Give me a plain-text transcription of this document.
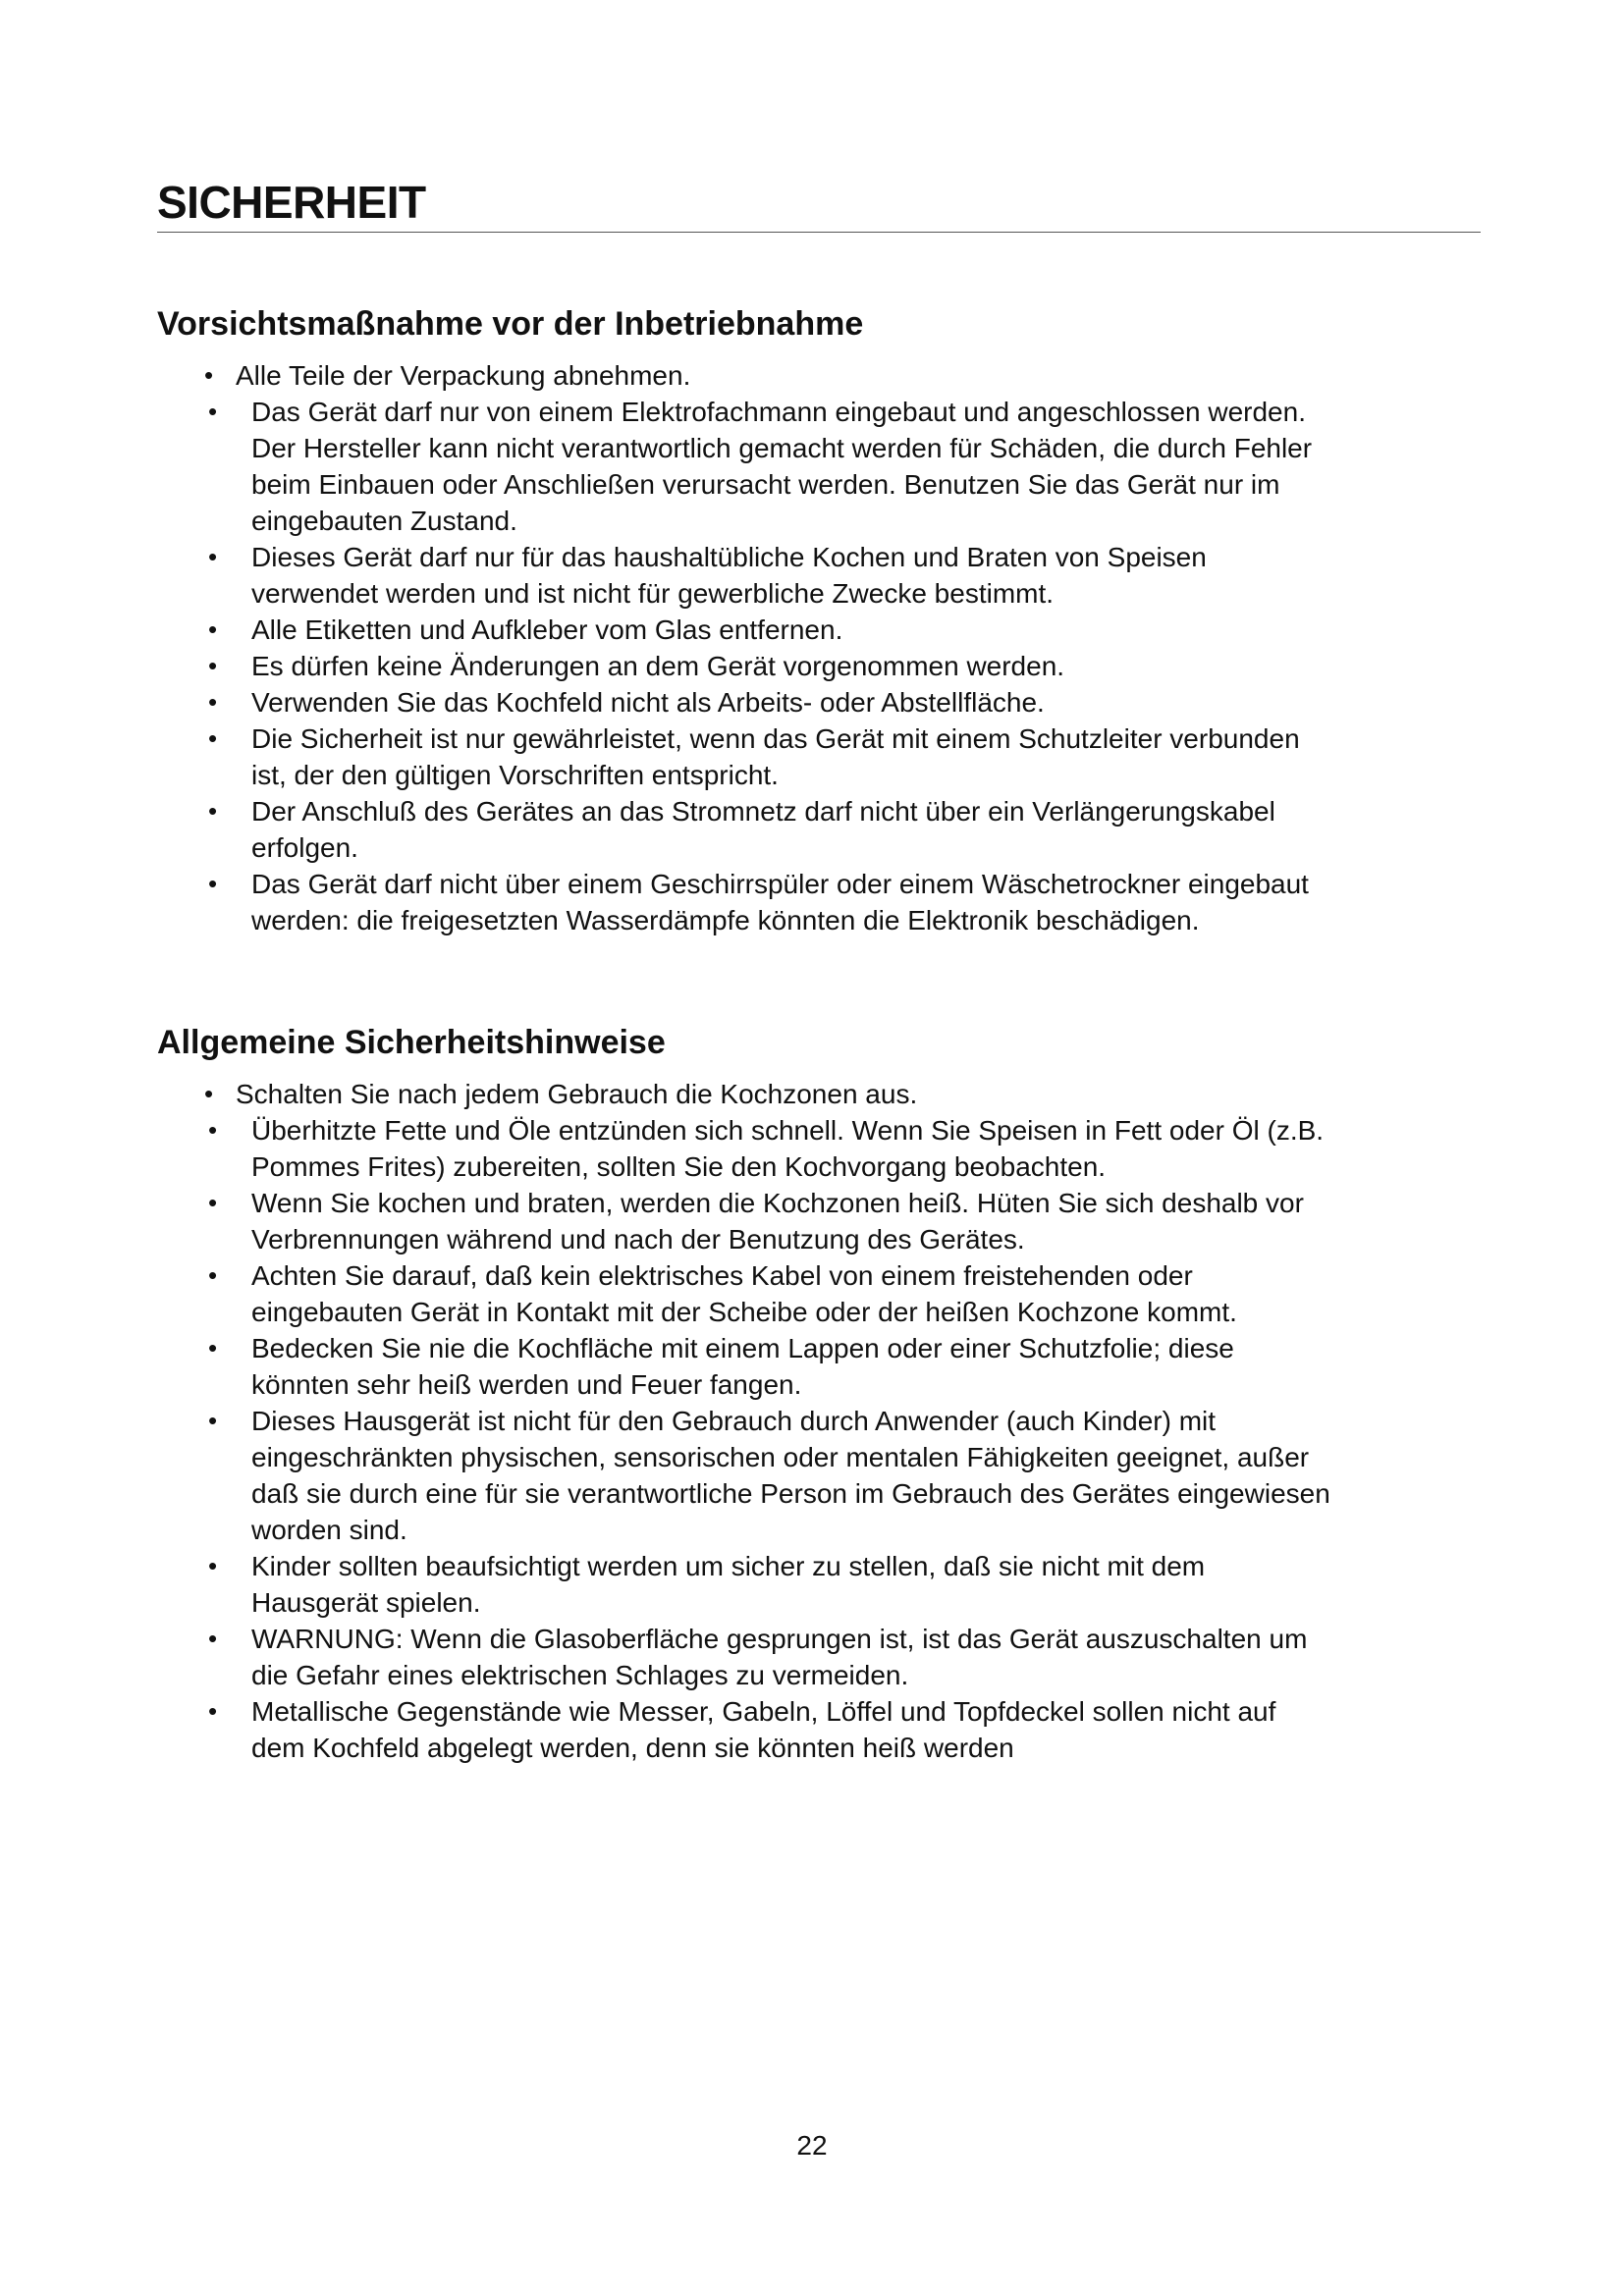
SICHERHEIT
Vorsichtsmaßnahme vor der Inbetriebnahme
• Alle Teile der Verpackung abnehmen.
• Das Gerät darf nur von einem Elektrofachmann eingebaut und angeschlossen werden.
Der Hersteller kann nicht verantwortlich gemacht werden für Schäden, die durch Fehler
beim Einbauen oder Anschließen verursacht werden. Benutzen Sie das Gerät nur im
eingebauten Zustand.
• Dieses Gerät darf nur für das haushaltübliche Kochen und Braten von Speisen
verwendet werden und ist nicht für gewerbliche Zwecke bestimmt.
• Alle Etiketten und Aufkleber vom Glas entfernen.
• Es dürfen keine Änderungen an dem Gerät vorgenommen werden.
• Verwenden Sie das Kochfeld nicht als Arbeits- oder Abstellfläche.
• Die Sicherheit ist nur gewährleistet, wenn das Gerät mit einem Schutzleiter verbunden
ist, der den gültigen Vorschriften entspricht.
• Der Anschluß des Gerätes an das Stromnetz darf nicht über ein Verlängerungskabel
erfolgen.
• Das Gerät darf nicht über einem Geschirrspüler oder einem Wäschetrockner eingebaut
werden: die freigesetzten Wasserdämpfe könnten die Elektronik beschädigen.
Allgemeine Sicherheitshinweise
• Schalten Sie nach jedem Gebrauch die Kochzonen aus.
• Überhitzte Fette und Öle entzünden sich schnell. Wenn Sie Speisen in Fett oder Öl (z.B.
Pommes Frites) zubereiten, sollten Sie den Kochvorgang beobachten.
• Wenn Sie kochen und braten, werden die Kochzonen heiß. Hüten Sie sich deshalb vor
Verbrennungen während und nach der Benutzung des Gerätes.
• Achten Sie darauf, daß kein elektrisches Kabel von einem freistehenden oder
eingebauten Gerät in Kontakt mit der Scheibe oder der heißen Kochzone kommt.
• Bedecken Sie nie die Kochfläche mit einem Lappen oder einer Schutzfolie; diese
könnten sehr heiß werden und Feuer fangen.
• Dieses Hausgerät ist nicht für den Gebrauch durch Anwender (auch Kinder) mit
eingeschränkten physischen, sensorischen oder mentalen Fähigkeiten geeignet, außer
daß sie durch eine für sie verantwortliche Person im Gebrauch des Gerätes eingewiesen
worden sind.
• Kinder sollten beaufsichtigt werden um sicher zu stellen, daß sie nicht mit dem
Hausgerät spielen.
• WARNUNG: Wenn die Glasoberfläche gesprungen ist, ist das Gerät auszuschalten um
die Gefahr eines elektrischen Schlages zu vermeiden.
• Metallische Gegenstände wie Messer, Gabeln, Löffel und Topfdeckel sollen nicht auf
dem Kochfeld abgelegt werden, denn sie könnten heiß werden
22
